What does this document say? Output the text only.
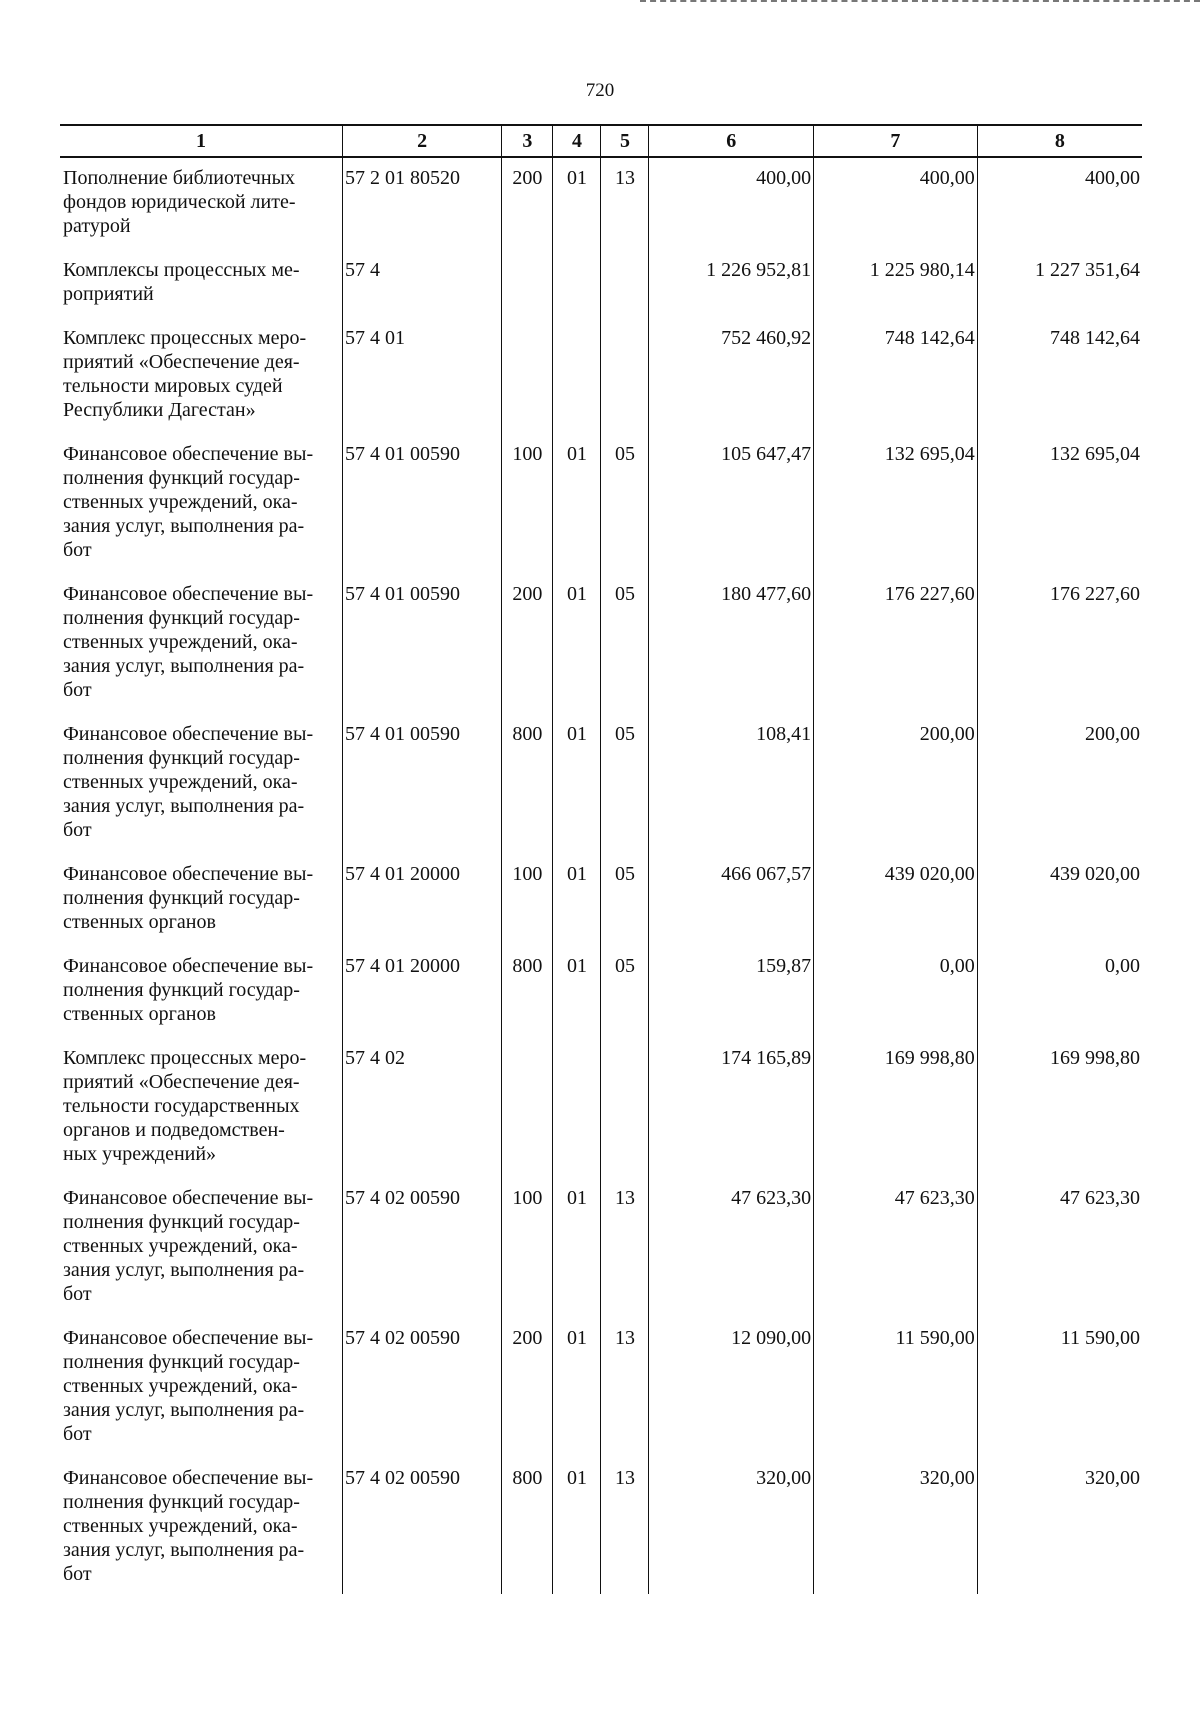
720
1	2	3	4	5	6	7	8
Пополнение библиотечных
фондов юридической лите-
ратурой	57 2 01 80520	200	01	13	400,00	400,00	400,00
Комплексы процессных ме-
роприятий	57 4				1 226 952,81	1 225 980,14	1 227 351,64
Комплекс процессных меро-
приятий «Обеспечение дея-
тельности мировых судей
Республики Дагестан»	57 4 01				752 460,92	748 142,64	748 142,64
Финансовое обеспечение вы-
полнения функций государ-
ственных учреждений, ока-
зания услуг, выполнения ра-
бот	57 4 01 00590	100	01	05	105 647,47	132 695,04	132 695,04
Финансовое обеспечение вы-
полнения функций государ-
ственных учреждений, ока-
зания услуг, выполнения ра-
бот	57 4 01 00590	200	01	05	180 477,60	176 227,60	176 227,60
Финансовое обеспечение вы-
полнения функций государ-
ственных учреждений, ока-
зания услуг, выполнения ра-
бот	57 4 01 00590	800	01	05	108,41	200,00	200,00
Финансовое обеспечение вы-
полнения функций государ-
ственных органов	57 4 01 20000	100	01	05	466 067,57	439 020,00	439 020,00
Финансовое обеспечение вы-
полнения функций государ-
ственных органов	57 4 01 20000	800	01	05	159,87	0,00	0,00
Комплекс процессных меро-
приятий «Обеспечение дея-
тельности государственных
органов и подведомствен-
ных учреждений»	57 4 02				174 165,89	169 998,80	169 998,80
Финансовое обеспечение вы-
полнения функций государ-
ственных учреждений, ока-
зания услуг, выполнения ра-
бот	57 4 02 00590	100	01	13	47 623,30	47 623,30	47 623,30
Финансовое обеспечение вы-
полнения функций государ-
ственных учреждений, ока-
зания услуг, выполнения ра-
бот	57 4 02 00590	200	01	13	12 090,00	11 590,00	11 590,00
Финансовое обеспечение вы-
полнения функций государ-
ственных учреждений, ока-
зания услуг, выполнения ра-
бот	57 4 02 00590	800	01	13	320,00	320,00	320,00
